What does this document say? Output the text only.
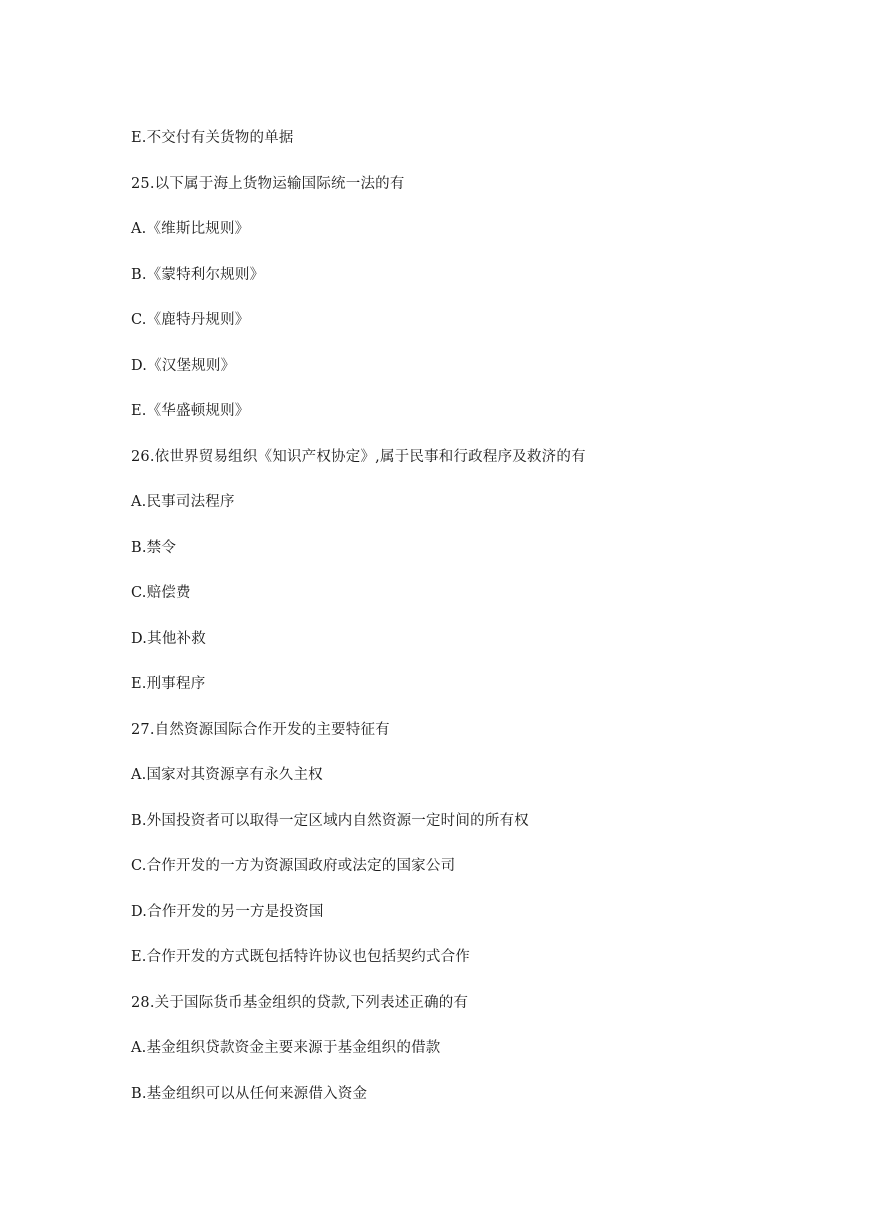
E.不交付有关货物的单据
25.以下属于海上货物运输国际统一法的有
A.《维斯比规则》
B.《蒙特利尔规则》
C.《鹿特丹规则》
D.《汉堡规则》
E.《华盛顿规则》
26.依世界贸易组织《知识产权协定》,属于民事和行政程序及救济的有
A.民事司法程序
B.禁令
C.赔偿费
D.其他补救
E.刑事程序
27.自然资源国际合作开发的主要特征有
A.国家对其资源享有永久主权
B.外国投资者可以取得一定区域内自然资源一定时间的所有权
C.合作开发的一方为资源国政府或法定的国家公司
D.合作开发的另一方是投资国
E.合作开发的方式既包括特许协议也包括契约式合作
28.关于国际货币基金组织的贷款,下列表述正确的有
A.基金组织贷款资金主要来源于基金组织的借款
B.基金组织可以从任何来源借入资金
